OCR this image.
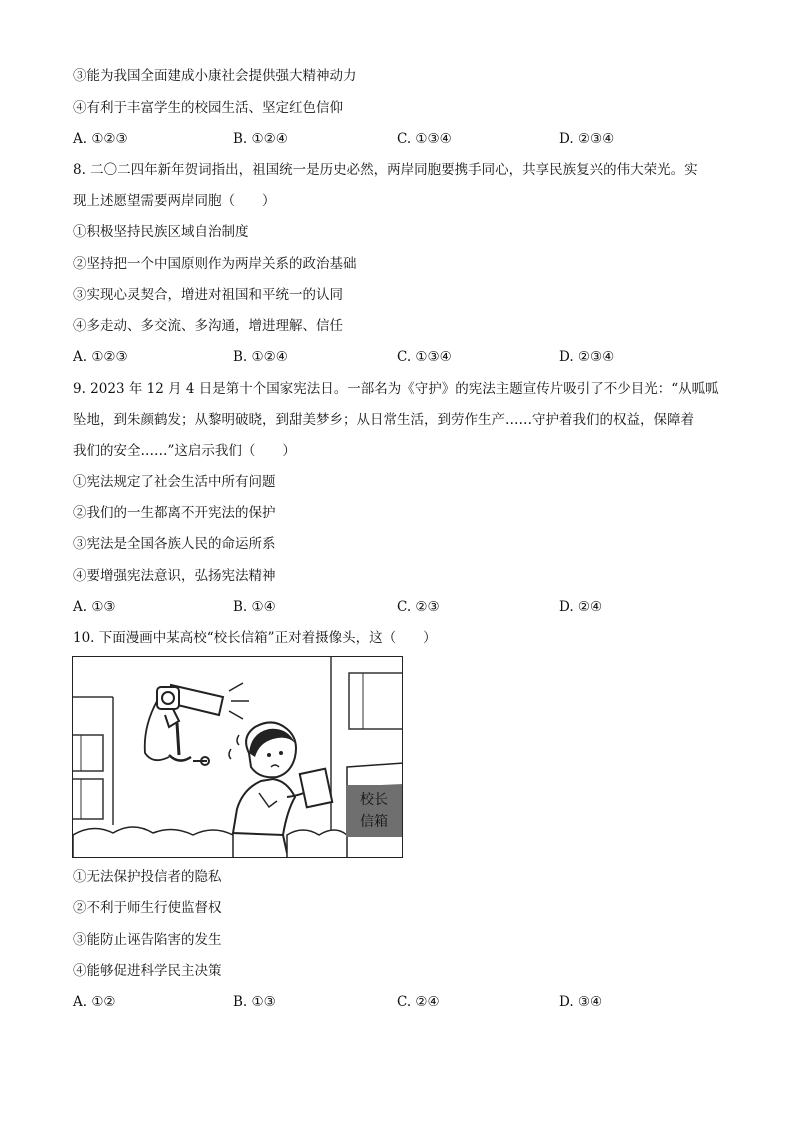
③能为我国全面建成小康社会提供强大精神动力
④有利于丰富学生的校园生活、坚定红色信仰
A. ①②③	B. ①②④	C. ①③④	D. ②③④
8. 二〇二四年新年贺词指出，祖国统一是历史必然，两岸同胞要携手同心，共享民族复兴的伟大荣光。实
现上述愿望需要两岸同胞（　　）
①积极坚持民族区域自治制度
②坚持把一个中国原则作为两岸关系的政治基础
③实现心灵契合，增进对祖国和平统一的认同
④多走动、多交流、多沟通，增进理解、信任
A. ①②③	B. ①②④	C. ①③④	D. ②③④
9. 2023 年 12 月 4 日是第十个国家宪法日。一部名为《守护》的宪法主题宣传片吸引了不少目光：“从呱呱
坠地，到朱颜鹤发；从黎明破晓，到甜美梦乡；从日常生活，到劳作生产……守护着我们的权益，保障着
我们的安全……”这启示我们（　　）
①宪法规定了社会生活中所有问题
②我们的一生都离不开宪法的保护
③宪法是全国各族人民的命运所系
④要增强宪法意识，弘扬宪法精神
A. ①③	B. ①④	C. ②③	D. ②④
10. 下面漫画中某高校“校长信箱”正对着摄像头，这（　　）
校长
信箱
①无法保护投信者的隐私
②不利于师生行使监督权
③能防止诬告陷害的发生
④能够促进科学民主决策
A. ①②	B. ①③	C. ②④	D. ③④
